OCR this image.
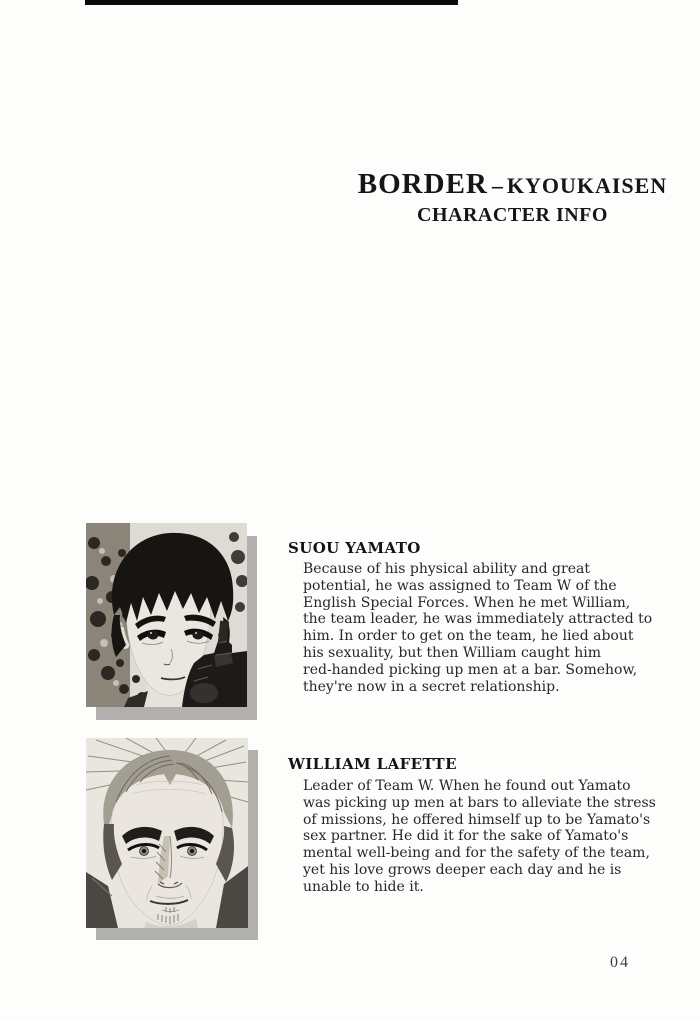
BORDER – KYOUKAISEN
CHARACTER INFO
SUOU YAMATO
Because of his physical ability and great
potential, he was assigned to Team W of the
English Special Forces. When he met William,
the team leader, he was immediately attracted to
him. In order to get on the team, he lied about
his sexuality, but then William caught him
red-handed picking up men at a bar. Somehow,
they're now in a secret relationship.
WILLIAM LAFETTE
Leader of Team W. When he found out Yamato
was picking up men at bars to alleviate the stress
of missions, he offered himself up to be Yamato's
sex partner. He did it for the sake of Yamato's
mental well-being and for the safety of the team,
yet his love grows deeper each day and he is
unable to hide it.
04
